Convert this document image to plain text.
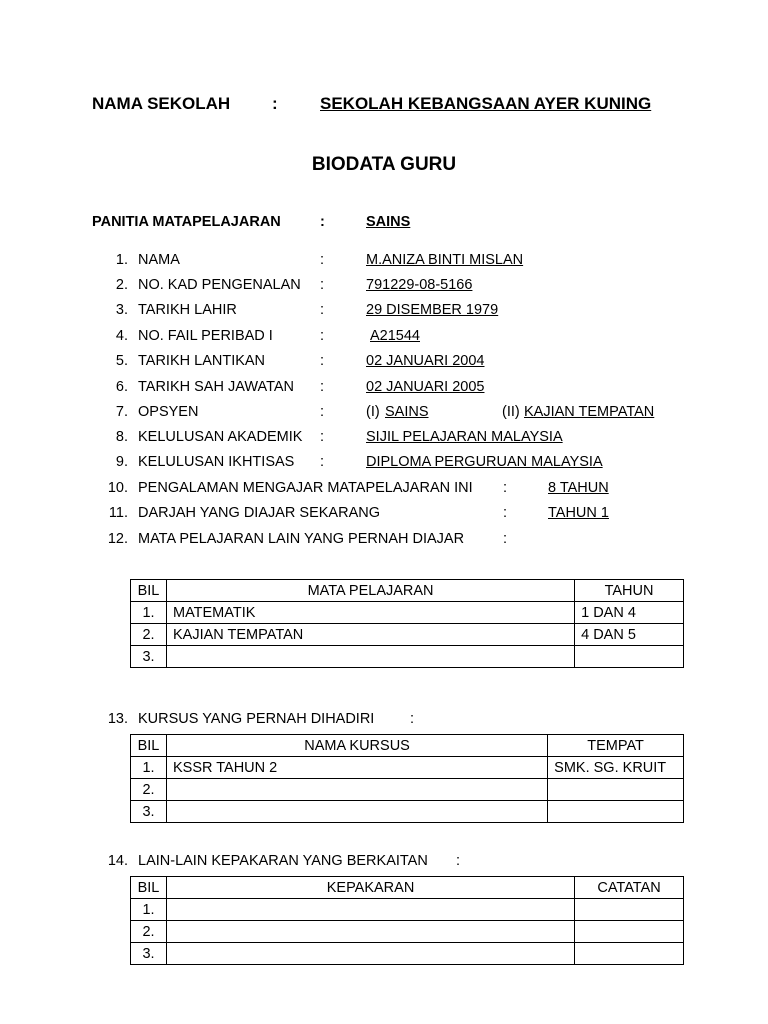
NAMA SEKOLAH : SEKOLAH KEBANGSAAN AYER KUNING
BIODATA GURU
PANITIA MATAPELAJARAN	:	SAINS
1. NAMA	:	M.ANIZA BINTI MISLAN
2. NO. KAD PENGENALAN :	791229-08-5166
3. TARIKH LAHIR	:	29 DISEMBER 1979
4. NO. FAIL PERIBAD I	:	A21544
5. TARIKH LANTIKAN	:	02 JANUARI 2004
6. TARIKH SAH JAWATAN :	02 JANUARI 2005
7. OPSYEN	:	(I) SAINS	(II) KAJIAN TEMPATAN
8. KELULUSAN AKADEMIK :	SIJIL PELAJARAN MALAYSIA
9. KELULUSAN IKHTISAS :	DIPLOMA PERGURUAN MALAYSIA
10. PENGALAMAN MENGAJAR MATAPELAJARAN INI :	8 TAHUN
11. DARJAH YANG DIAJAR SEKARANG	:	TAHUN 1
12. MATA PELAJARAN LAIN YANG PERNAH DIAJAR	:
BIL	MATA PELAJARAN	TAHUN
1.	MATEMATIK	1 DAN 4
2.	KAJIAN TEMPATAN	4 DAN 5
3.		
13. KURSUS YANG PERNAH DIHADIRI :
BIL	NAMA KURSUS	TEMPAT
1.	KSSR TAHUN 2	SMK. SG. KRUIT
2.		
3.		
14. LAIN-LAIN KEPAKARAN YANG BERKAITAN :
BIL	KEPAKARAN	CATATAN
1.		
2.		
3.		
